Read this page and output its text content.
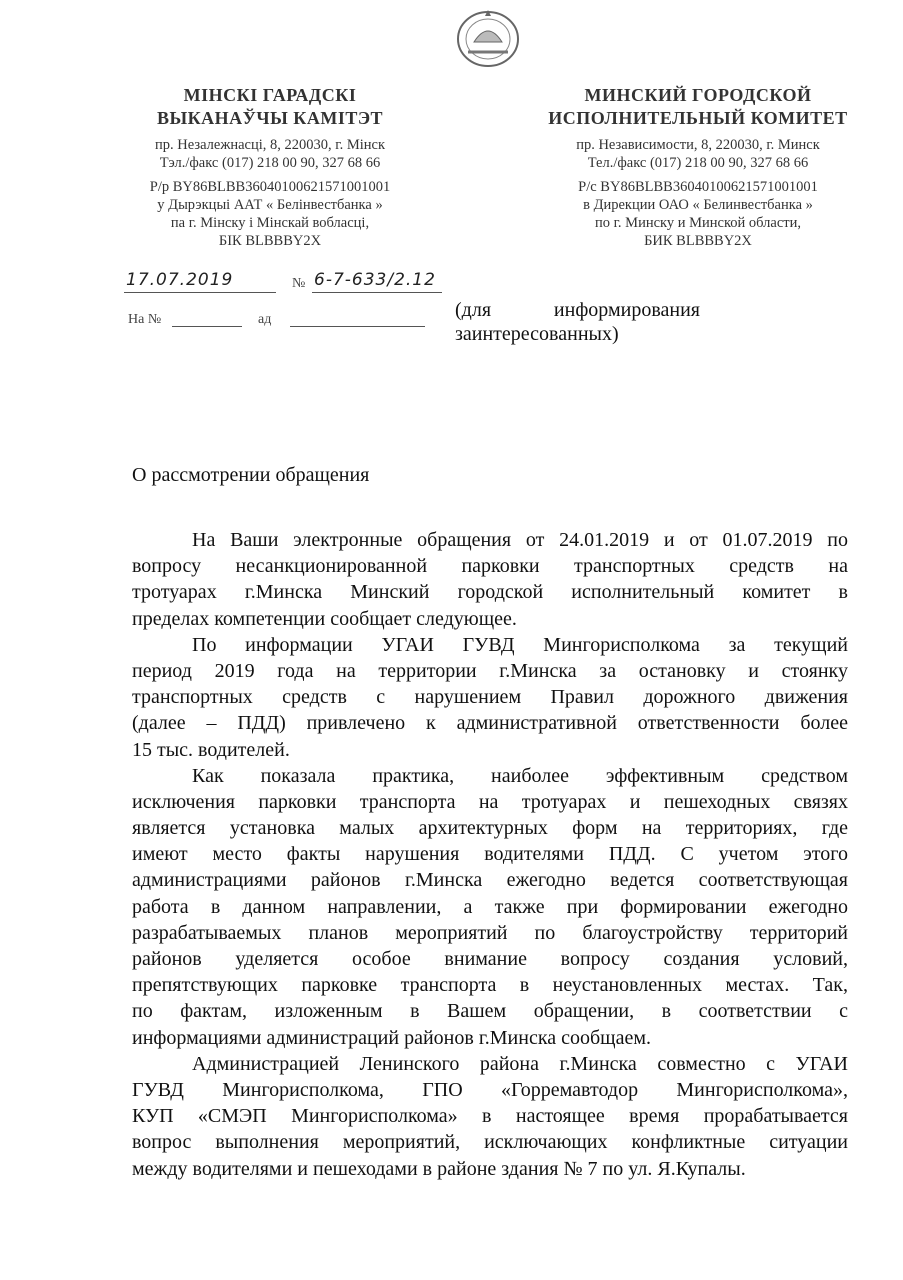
МІНСКІ ГАРАДСКІ
ВЫКАНАЎЧЫ КАМІТЭТ
пр. Незалежнасці, 8, 220030, г. Мінск
Тэл./факс (017) 218 00 90, 327 68 66
Р/р BY86BLBB36040100621571001001
у Дырэкцыі ААТ « Белінвестбанка »
па г. Мінску і Мінскай вобласці,
БІК BLBBBY2X
МИНСКИЙ ГОРОДСКОЙ
ИСПОЛНИТЕЛЬНЫЙ КОМИТЕТ
пр. Независимости, 8, 220030, г. Минск
Тел./факс (017) 218 00 90, 327 68 66
Р/с BY86BLBB36040100621571001001
в Дирекции ОАО « Белинвестбанка »
по г. Минску и Минской области,
БИК BLBBBY2X
17.07.2019	№ 6-7-633/2.12
На №	ад	(для	информирования
заинтересованных)
О рассмотрении обращения
На Ваши электронные обращения от 24.01.2019 и от 01.07.2019 по
вопросу несанкционированной парковки транспортных средств на
тротуарах г.Минска Минский городской исполнительный комитет в
пределах компетенции сообщает следующее.
По информации УГАИ ГУВД Мингорисполкома за текущий
период 2019 года на территории г.Минска за остановку и стоянку
транспортных средств с нарушением Правил дорожного движения
(далее – ПДД) привлечено к административной ответственности более
15 тыс. водителей.
Как показала практика, наиболее эффективным средством
исключения парковки транспорта на тротуарах и пешеходных связях
является установка малых архитектурных форм на территориях, где
имеют место факты нарушения водителями ПДД. С учетом этого
администрациями районов г.Минска ежегодно ведется соответствующая
работа в данном направлении, а также при формировании ежегодно
разрабатываемых планов мероприятий по благоустройству территорий
районов уделяется особое внимание вопросу создания условий,
препятствующих парковке транспорта в неустановленных местах. Так,
по фактам, изложенным в Вашем обращении, в соответствии с
информациями администраций районов г.Минска сообщаем.
Администрацией Ленинского района г.Минска совместно с УГАИ
ГУВД Мингорисполкома, ГПО «Горремавтодор Мингорисполкома»,
КУП «СМЭП Мингорисполкома» в настоящее время прорабатывается
вопрос выполнения мероприятий, исключающих конфликтные ситуации
между водителями и пешеходами в районе здания № 7 по ул. Я.Купалы.
